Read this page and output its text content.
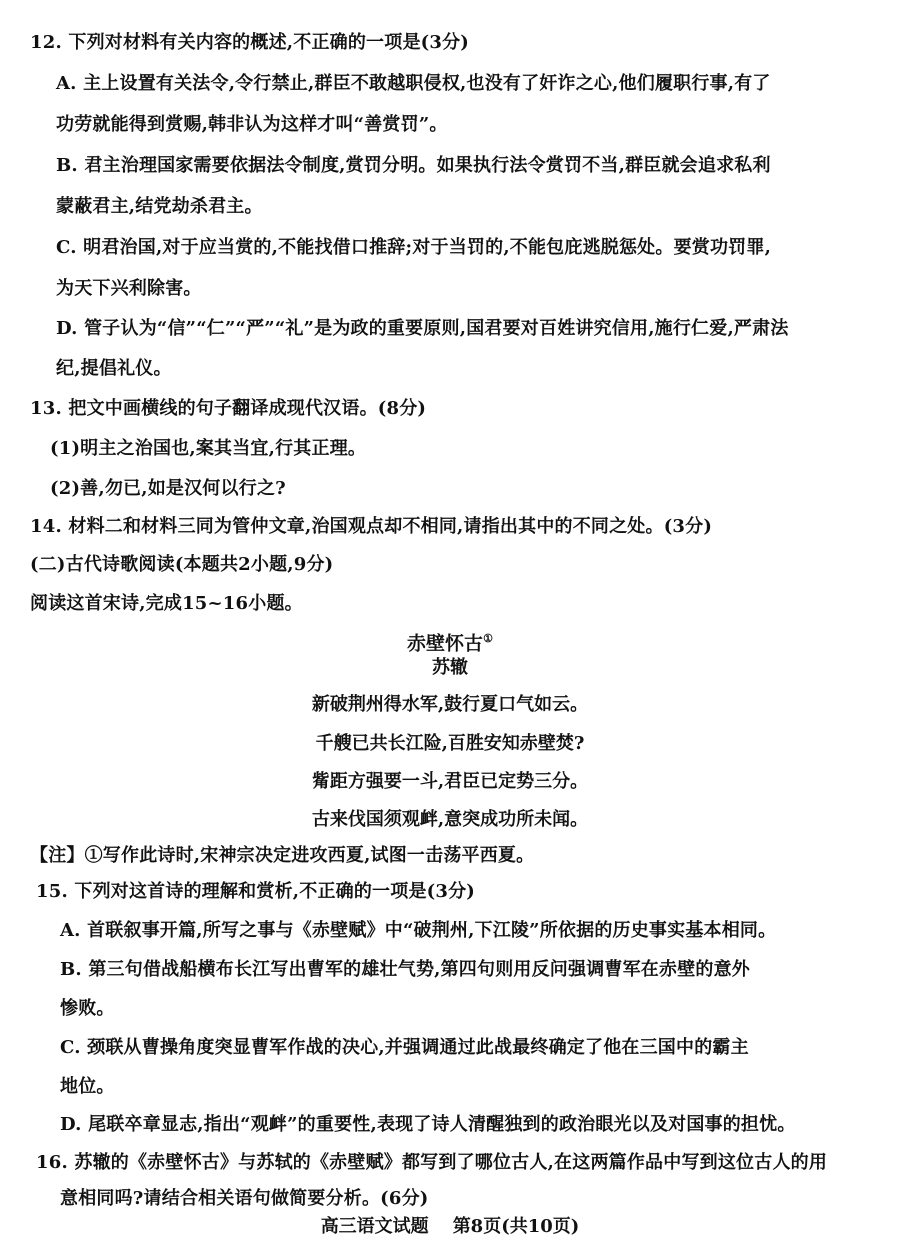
12. 下列对材料有关内容的概述,不正确的一项是(3分)
A. 主上设置有关法令,令行禁止,群臣不敢越职侵权,也没有了奸诈之心,他们履职行事,有了
功劳就能得到赏赐,韩非认为这样才叫“善赏罚”。
B. 君主治理国家需要依据法令制度,赏罚分明。如果执行法令赏罚不当,群臣就会追求私利
蒙蔽君主,结党劫杀君主。
C. 明君治国,对于应当赏的,不能找借口推辞;对于当罚的,不能包庇逃脱惩处。要赏功罚罪,
为天下兴利除害。
D. 管子认为“信”“仁”“严”“礼”是为政的重要原则,国君要对百姓讲究信用,施行仁爱,严肃法
纪,提倡礼仪。
13. 把文中画横线的句子翻译成现代汉语。(8分)
(1)明主之治国也,案其当宜,行其正理。
(2)善,勿已,如是汉何以行之?
14. 材料二和材料三同为管仲文章,治国观点却不相同,请指出其中的不同之处。(3分)
(二)古代诗歌阅读(本题共2小题,9分)
阅读这首宋诗,完成15~16小题。
赤壁怀古①
苏辙
新破荆州得水军,鼓行夏口气如云。
千艘已共长江险,百胜安知赤壁焚?
觜距方强要一斗,君臣已定势三分。
古来伐国须观衅,意突成功所未闻。
【注】①写作此诗时,宋神宗决定进攻西夏,试图一击荡平西夏。
15. 下列对这首诗的理解和赏析,不正确的一项是(3分)
A. 首联叙事开篇,所写之事与《赤壁赋》中“破荆州,下江陵”所依据的历史事实基本相同。
B. 第三句借战船横布长江写出曹军的雄壮气势,第四句则用反问强调曹军在赤壁的意外
惨败。
C. 颈联从曹操角度突显曹军作战的决心,并强调通过此战最终确定了他在三国中的霸主
地位。
D. 尾联卒章显志,指出“观衅”的重要性,表现了诗人清醒独到的政治眼光以及对国事的担忧。
16. 苏辙的《赤壁怀古》与苏轼的《赤壁赋》都写到了哪位古人,在这两篇作品中写到这位古人的用
意相同吗?请结合相关语句做简要分析。(6分)
高三语文试题 第8页(共10页)
